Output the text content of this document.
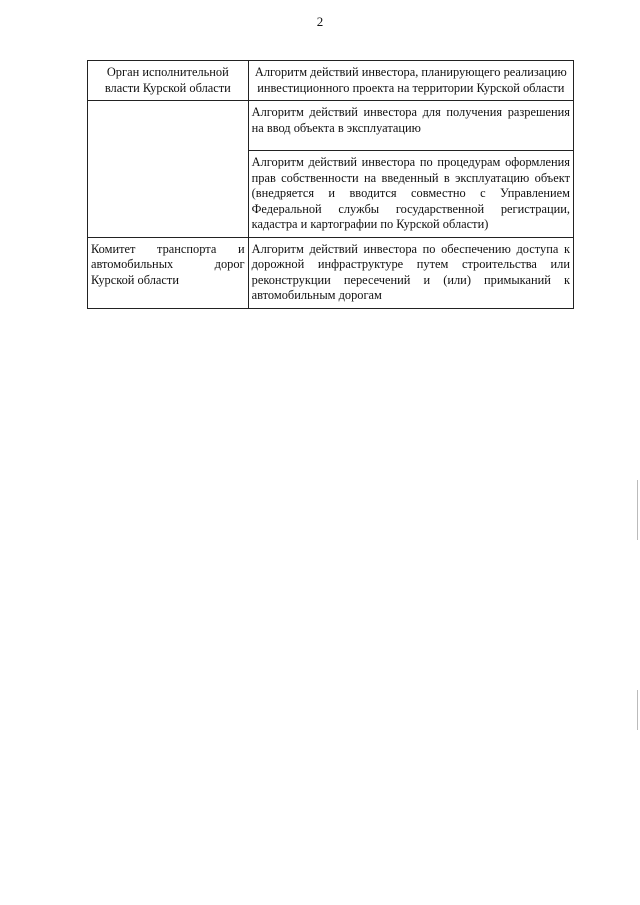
2
Орган исполнительной власти Курской области	Алгоритм действий инвестора, планирующего реализацию инвестиционного проекта на территории Курской области
	Алгоритм действий инвестора для получения разрешения на ввод объекта в эксплуатацию
	Алгоритм действий инвестора по процедурам оформления прав собственности на введенный в эксплуатацию объект (внедряется и вводится совместно с Управлением Федеральной службы государственной регистрации, кадастра и картографии по Курской области)
Комитет транспорта и автомобильных дорог Курской области	Алгоритм действий инвестора по обеспечению доступа к дорожной инфраструктуре путем строительства или реконструкции пересечений и (или) примыканий к автомобильным дорогам
